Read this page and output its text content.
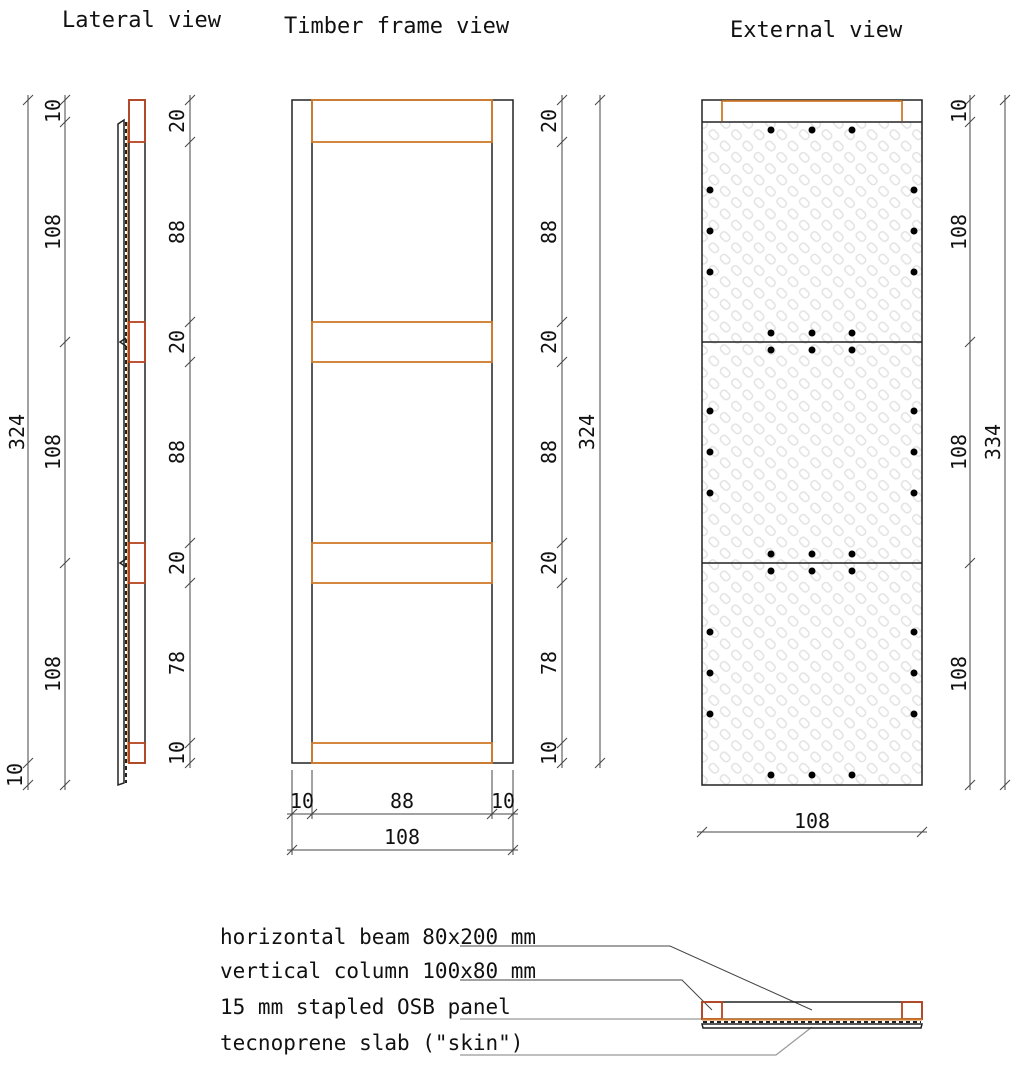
Lateral view	Timber frame view	External view
324
10
10
108
108
108
20
88
20
88
20
78
10
20
88
20
88
20
78
10
324
10	88	10
108
10
108
108
108
334
108
horizontal beam 80x200 mm
vertical column 100x80 mm
15 mm stapled OSB panel
tecnoprene slab ("skin")
